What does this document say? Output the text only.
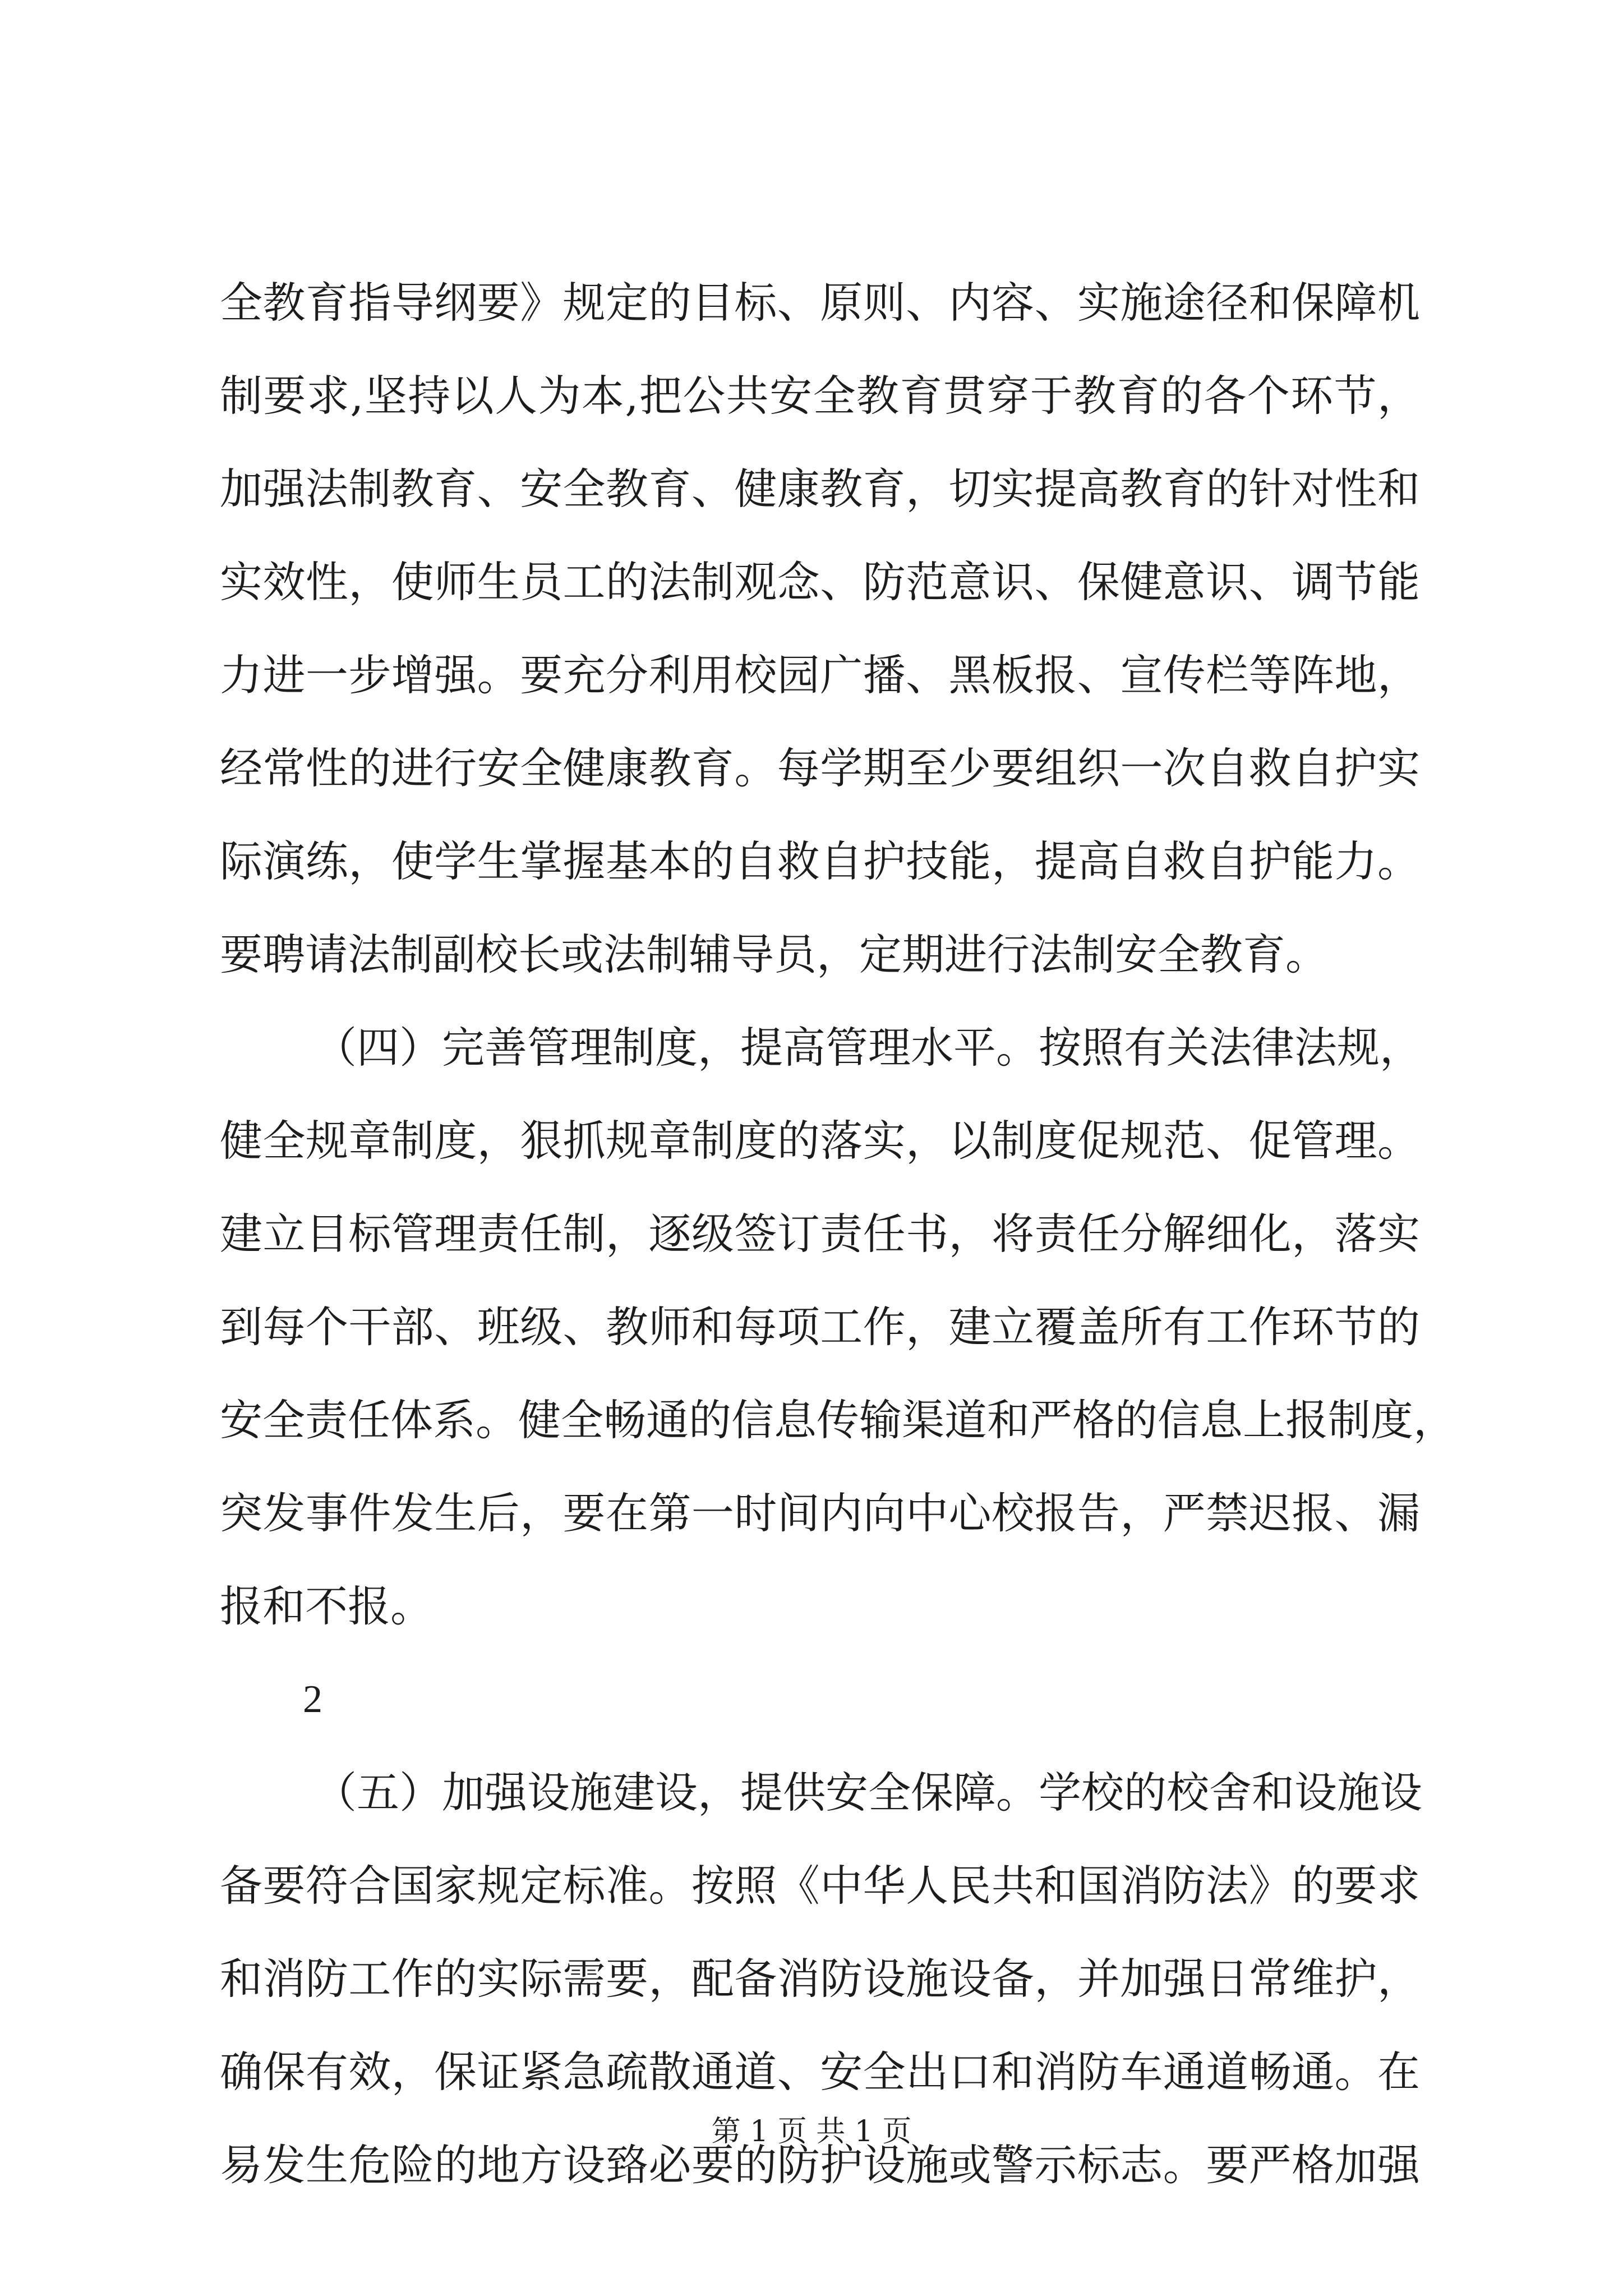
全教育指导纲要》规定的目标、原则、内容、实施途径和保障机
制要求,坚持以人为本,把公共安全教育贯穿于教育的各个环节，
加强法制教育、安全教育、健康教育，切实提高教育的针对性和
实效性，使师生员工的法制观念、防范意识、保健意识、调节能
力进一步增强。要充分利用校园广播、黑板报、宣传栏等阵地，
经常性的进行安全健康教育。每学期至少要组织一次自救自护实
际演练，使学生掌握基本的自救自护技能，提高自救自护能力。
要聘请法制副校长或法制辅导员，定期进行法制安全教育。
（四）完善管理制度，提高管理水平。按照有关法律法规，
健全规章制度，狠抓规章制度的落实，以制度促规范、促管理。
建立目标管理责任制，逐级签订责任书，将责任分解细化，落实
到每个干部、班级、教师和每项工作，建立覆盖所有工作环节的
安全责任体系。健全畅通的信息传输渠道和严格的信息上报制度，
突发事件发生后，要在第一时间内向中心校报告，严禁迟报、漏
报和不报。
2
（五）加强设施建设，提供安全保障。学校的校舍和设施设
备要符合国家规定标准。按照《中华人民共和国消防法》的要求
和消防工作的实际需要，配备消防设施设备，并加强日常维护，
确保有效，保证紧急疏散通道、安全出口和消防车通道畅通。在
易发生危险的地方设臵必要的防护设施或警示标志。要严格加强
第 1 页 共 1 页
